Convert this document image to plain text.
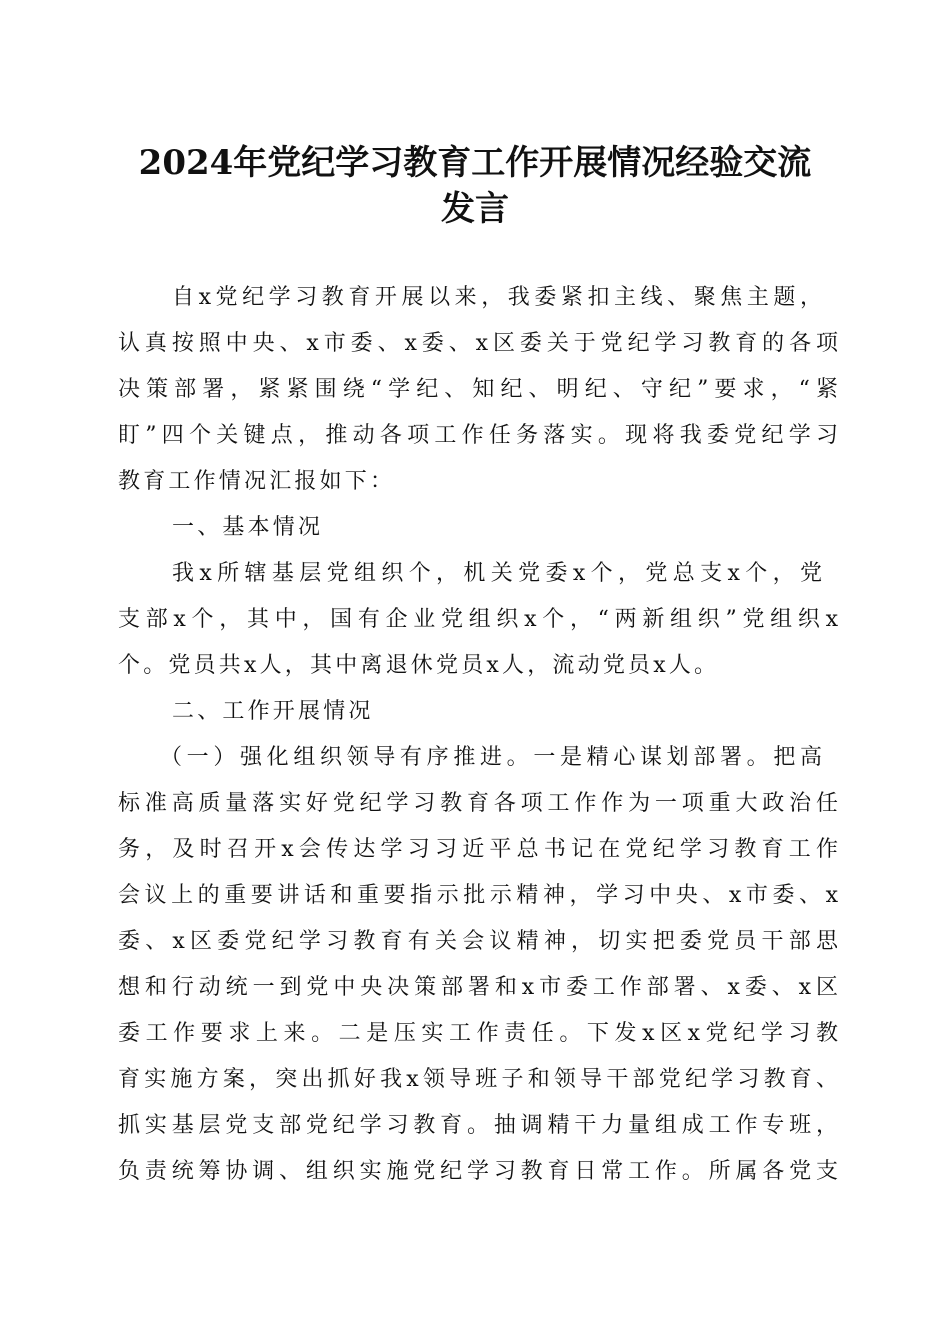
2024年党纪学习教育工作开展情况经验交流
发言
自x党纪学习教育开展以来，我委紧扣主线、聚焦主题，
认真按照中央、x市委、x委、x区委关于党纪学习教育的各项
决策部署，紧紧围绕“学纪、知纪、明纪、守纪”要求，“紧
盯”四个关键点，推动各项工作任务落实。现将我委党纪学习
教育工作情况汇报如下：
一、基本情况
我x所辖基层党组织个，机关党委x个，党总支x个，党
支部x个，其中，国有企业党组织x个，“两新组织”党组织x
个。党员共x人，其中离退休党员x人，流动党员x人。
二、工作开展情况
（一）强化组织领导有序推进。一是精心谋划部署。把高
标准高质量落实好党纪学习教育各项工作作为一项重大政治任
务，及时召开x会传达学习习近平总书记在党纪学习教育工作
会议上的重要讲话和重要指示批示精神，学习中央、x市委、x
委、x区委党纪学习教育有关会议精神，切实把委党员干部思
想和行动统一到党中央决策部署和x市委工作部署、x委、x区
委工作要求上来。二是压实工作责任。下发x区x党纪学习教
育实施方案，突出抓好我x领导班子和领导干部党纪学习教育、
抓实基层党支部党纪学习教育。抽调精干力量组成工作专班，
负责统筹协调、组织实施党纪学习教育日常工作。所属各党支
